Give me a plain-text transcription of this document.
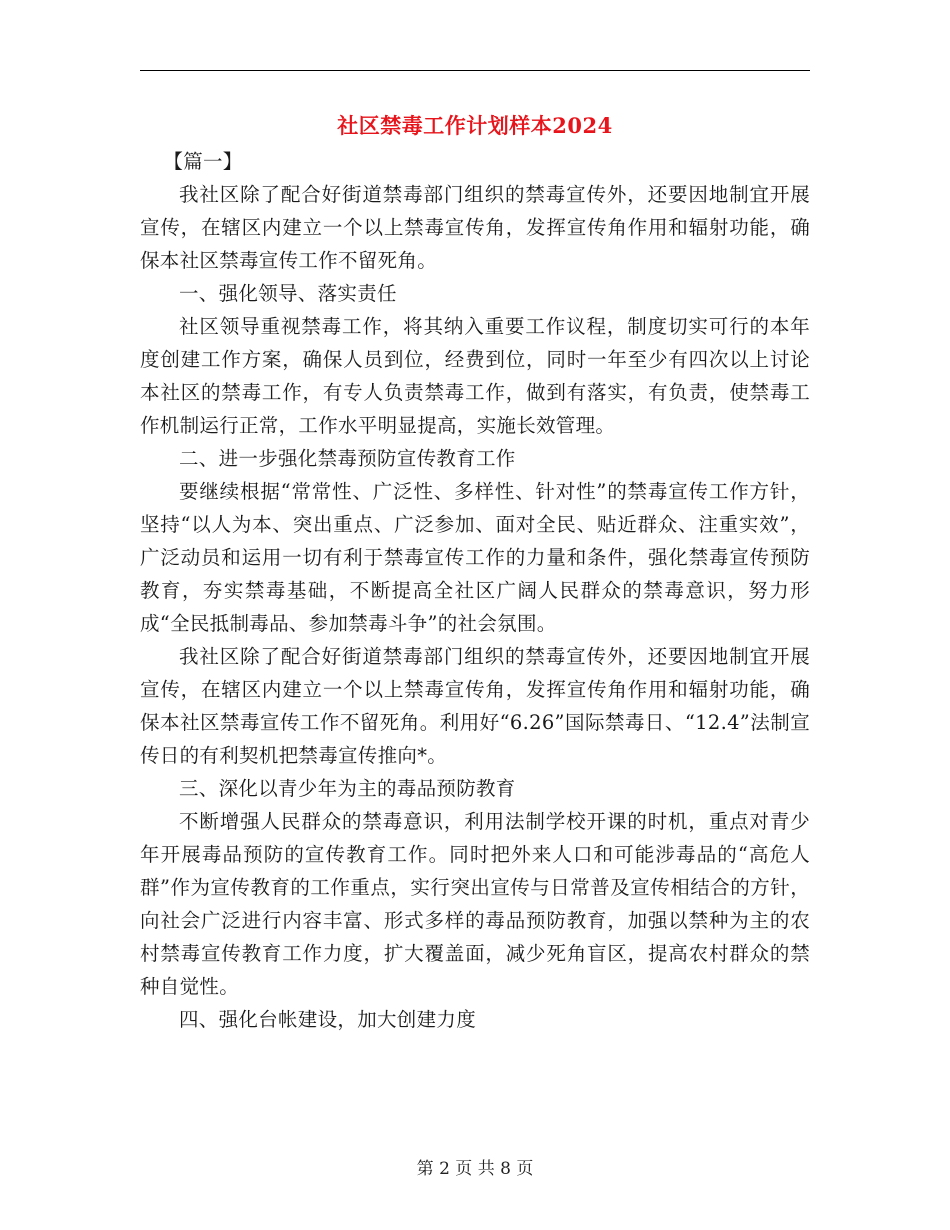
社区禁毒工作计划样本2024

【篇一】

我社区除了配合好街道禁毒部门组织的禁毒宣传外，还要因地制宜开展宣传，在辖区内建立一个以上禁毒宣传角，发挥宣传角作用和辐射功能，确保本社区禁毒宣传工作不留死角。

一、强化领导、落实责任

社区领导重视禁毒工作，将其纳入重要工作议程，制度切实可行的本年度创建工作方案，确保人员到位，经费到位，同时一年至少有四次以上讨论本社区的禁毒工作，有专人负责禁毒工作，做到有落实，有负责，使禁毒工作机制运行正常，工作水平明显提高，实施长效管理。

二、进一步强化禁毒预防宣传教育工作

要继续根据“常常性、广泛性、多样性、针对性”的禁毒宣传工作方针，坚持“以人为本、突出重点、广泛参加、面对全民、贴近群众、注重实效”，广泛动员和运用一切有利于禁毒宣传工作的力量和条件，强化禁毒宣传预防教育，夯实禁毒基础，不断提高全社区广阔人民群众的禁毒意识，努力形成“全民抵制毒品、参加禁毒斗争”的社会氛围。

我社区除了配合好街道禁毒部门组织的禁毒宣传外，还要因地制宜开展宣传，在辖区内建立一个以上禁毒宣传角，发挥宣传角作用和辐射功能，确保本社区禁毒宣传工作不留死角。利用好“6.26”国际禁毒日、“12.4”法制宣传日的有利契机把禁毒宣传推向*。

三、深化以青少年为主的毒品预防教育

不断增强人民群众的禁毒意识，利用法制学校开课的时机，重点对青少年开展毒品预防的宣传教育工作。同时把外来人口和可能涉毒品的“高危人群”作为宣传教育的工作重点，实行突出宣传与日常普及宣传相结合的方针，向社会广泛进行内容丰富、形式多样的毒品预防教育，加强以禁种为主的农村禁毒宣传教育工作力度，扩大覆盖面，减少死角盲区，提高农村群众的禁种自觉性。

四、强化台帐建设，加大创建力度

第 2 页 共 8 页
